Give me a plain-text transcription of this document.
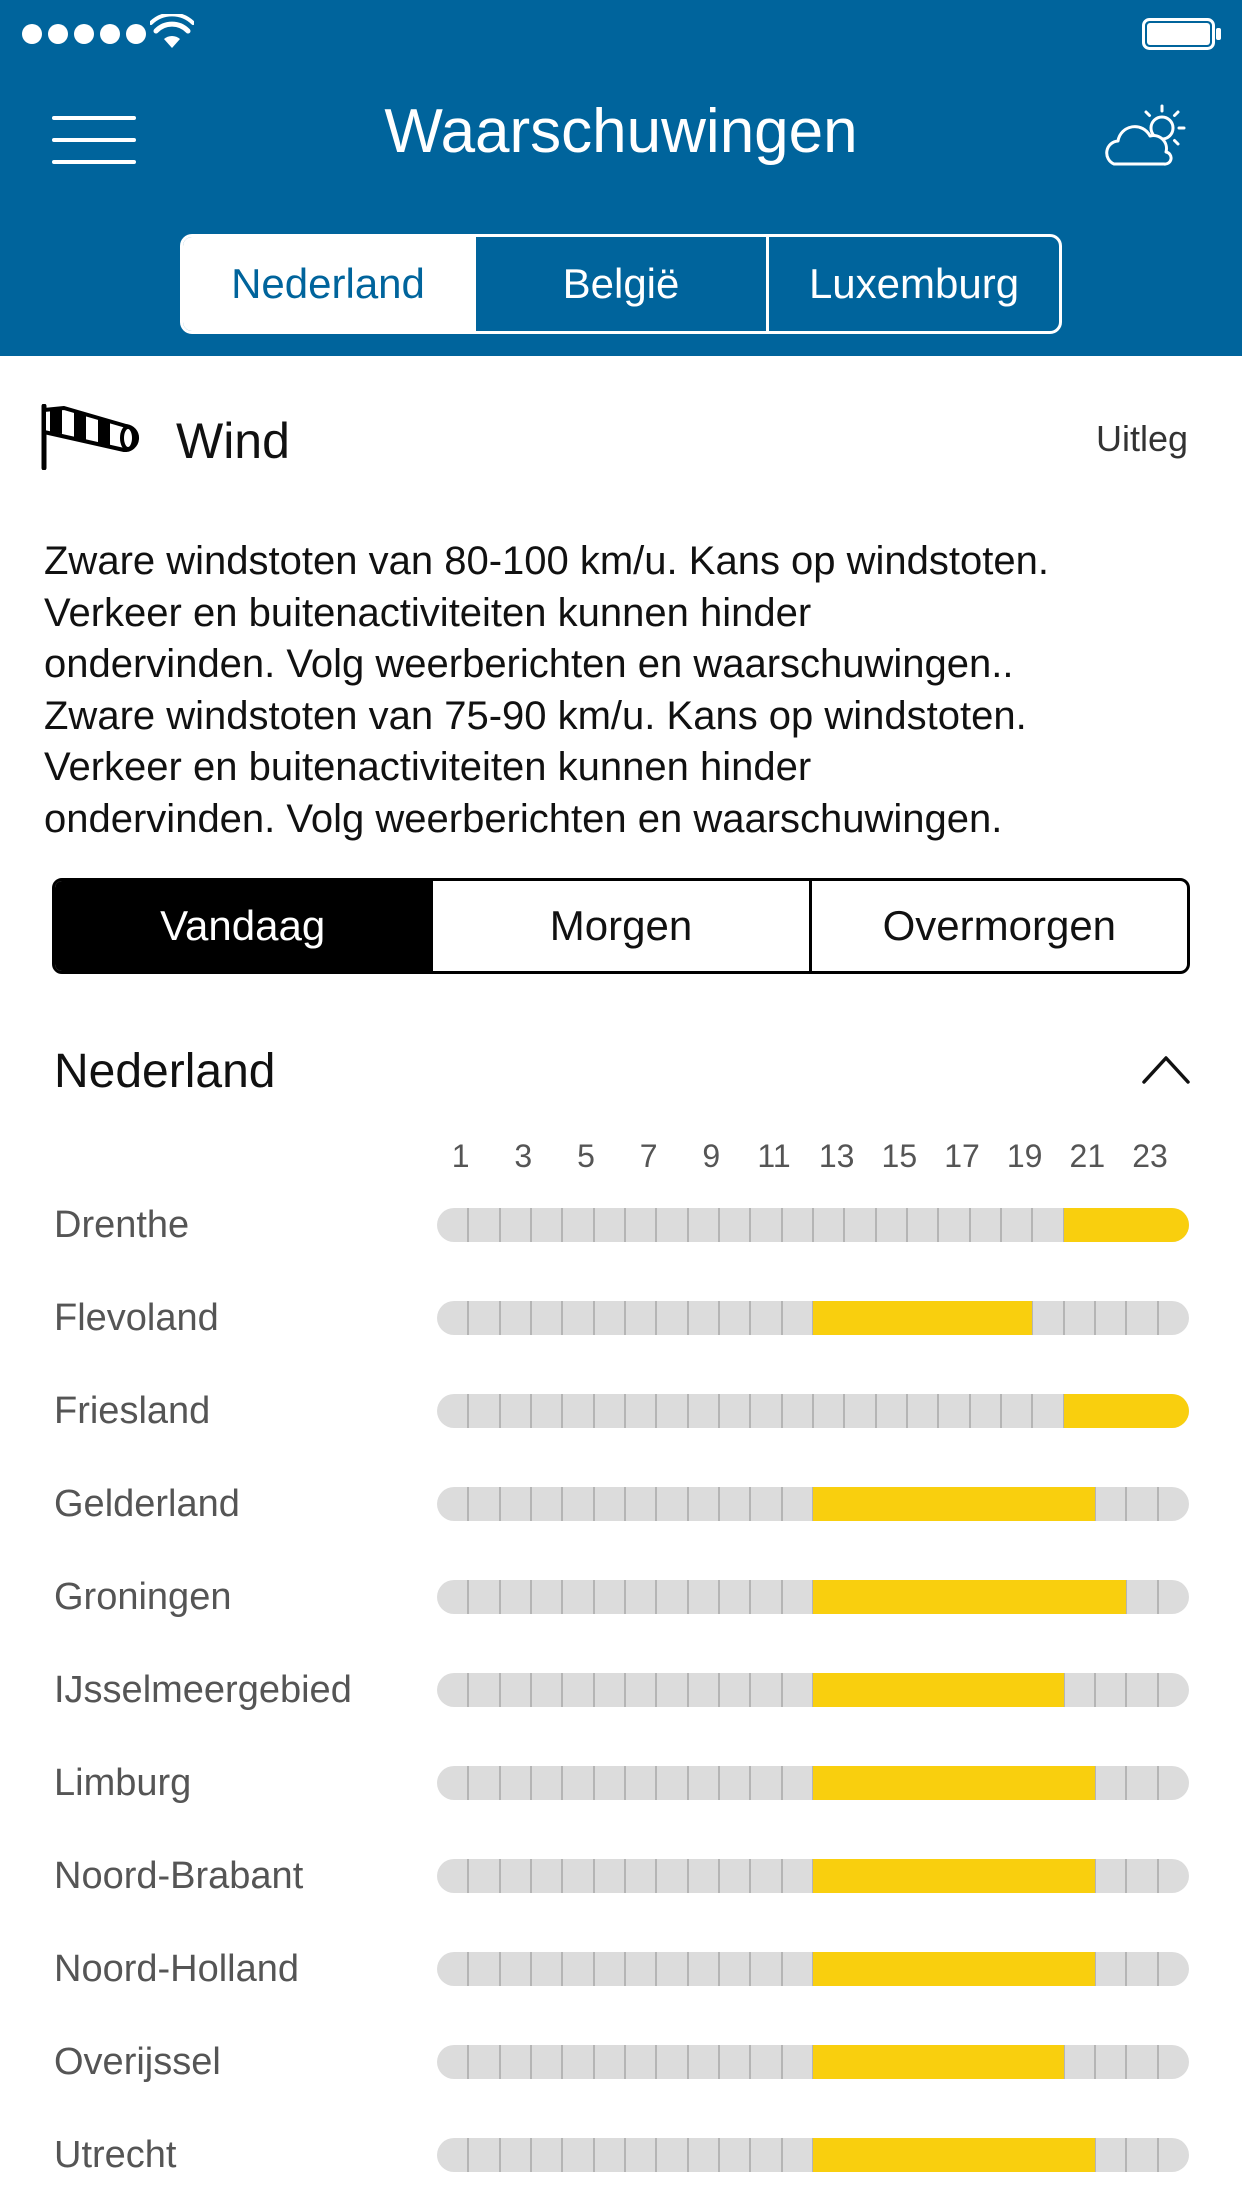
Waarschuwingen
Nederland	België	Luxemburg
Wind	Uitleg

Zware windstoten van 80-100 km/u. Kans op windstoten.

Verkeer en buitenactiviteiten kunnen hinder

ondervinden. Volg weerberichten en waarschuwingen..

Zware windstoten van 75-90 km/u. Kans op windstoten.

Verkeer en buitenactiviteiten kunnen hinder

ondervinden. Volg weerberichten en waarschuwingen.

Vandaag	Morgen	Overmorgen
Nederland
1 3 5 7 9 11 13 15 17 19 21 23
Drenthe
Flevoland
Friesland
Gelderland
Groningen
IJsselmeergebied
Limburg
Noord-Brabant
Noord-Holland
Overijssel
Utrecht
